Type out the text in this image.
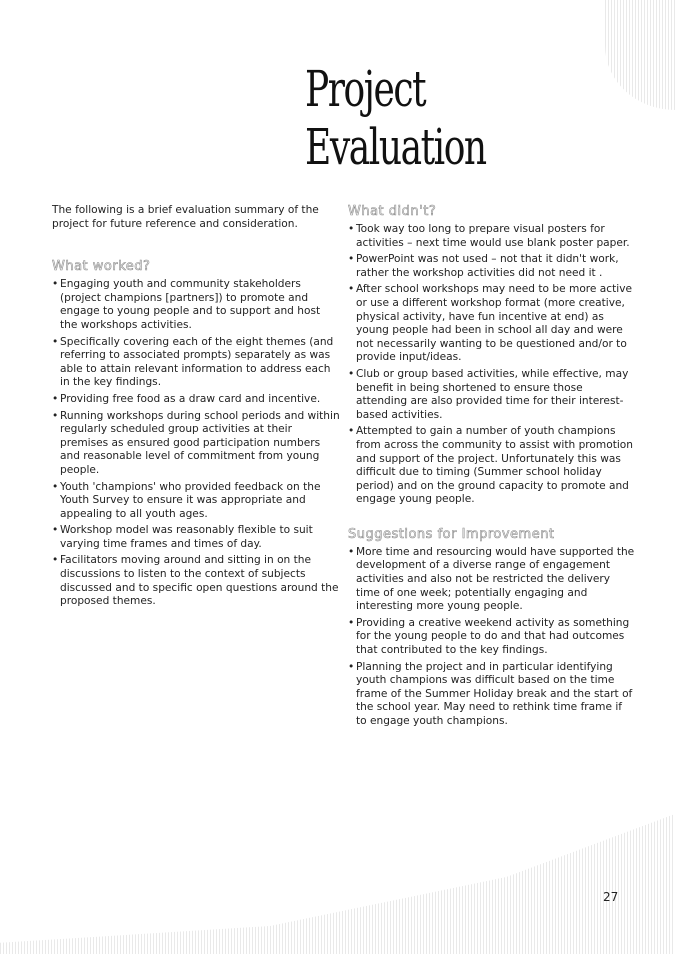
Project Evaluation

The following is a brief evaluation summary of the project for future reference and consideration.

What worked?
• Engaging youth and community stakeholders (project champions [partners]) to promote and engage to young people and to support and host the workshops activities.
• Specifically covering each of the eight themes (and referring to associated prompts) separately as was able to attain relevant information to address each in the key findings.
• Providing free food as a draw card and incentive.
• Running workshops during school periods and within regularly scheduled group activities at their premises as ensured good participation numbers and reasonable level of commitment from young people.
• Youth 'champions' who provided feedback on the Youth Survey to ensure it was appropriate and appealing to all youth ages.
• Workshop model was reasonably flexible to suit varying time frames and times of day.
• Facilitators moving around and sitting in on the discussions to listen to the context of subjects discussed and to specific open questions around the proposed themes.
What didn't?
• Took way too long to prepare visual posters for activities – next time would use blank poster paper.
• PowerPoint was not used – not that it didn't work, rather the workshop activities did not need it .
• After school workshops may need to be more active or use a different workshop format (more creative, physical activity, have fun incentive at end) as young people had been in school all day and were not necessarily wanting to be questioned and/or to provide input/ideas.
• Club or group based activities, while effective, may benefit in being shortened to ensure those attending are also provided time for their interest-based activities.
• Attempted to gain a number of youth champions from across the community to assist with promotion and support of the project. Unfortunately this was difficult due to timing (Summer school holiday period) and on the ground capacity to promote and engage young people.
Suggestions for Improvement
• More time and resourcing would have supported the development of a diverse range of engagement activities and also not be restricted the delivery time of one week; potentially engaging and interesting more young people.
• Providing a creative weekend activity as something for the young people to do and that had outcomes that contributed to the key findings.
• Planning the project and in particular identifying youth champions was difficult based on the time frame of the Summer Holiday break and the start of the school year. May need to rethink time frame if to engage youth champions.
27
